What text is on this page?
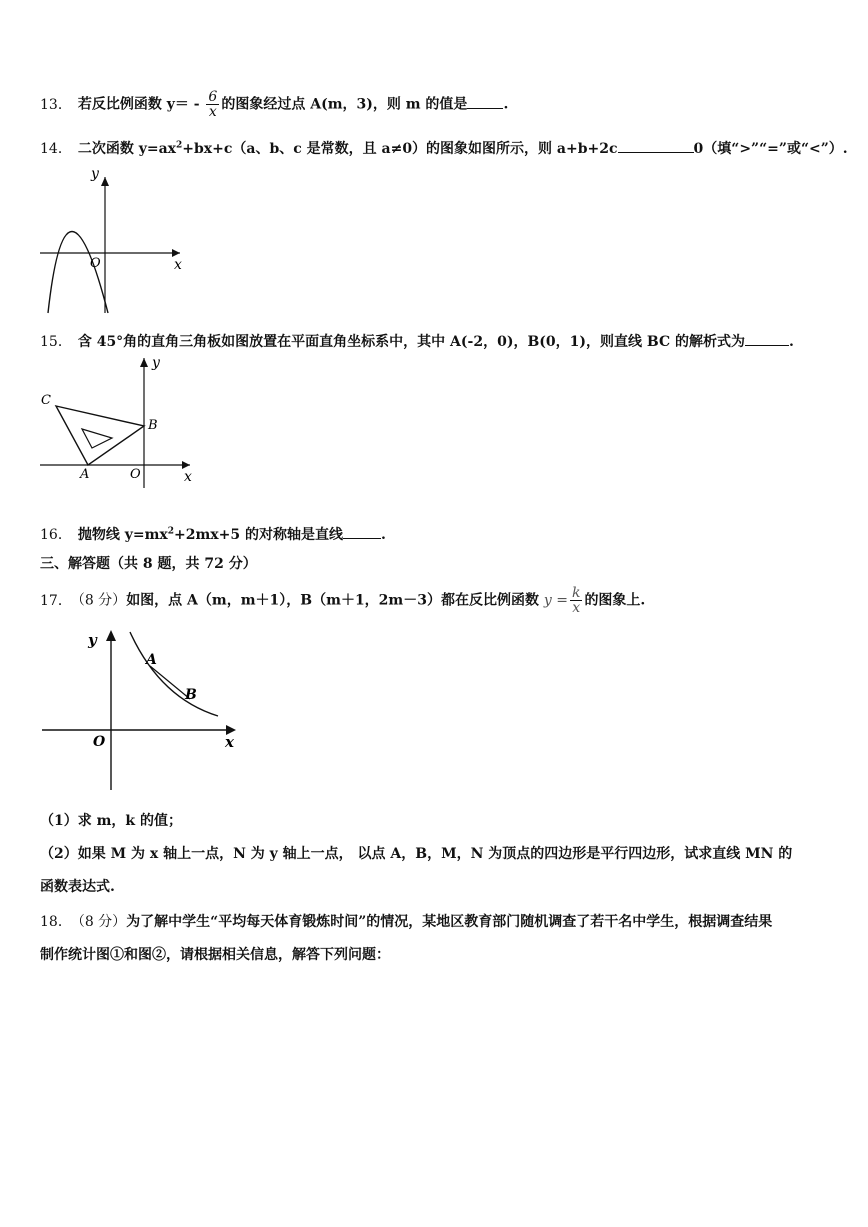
13． 若反比例函数 $y= - \frac{6}{x}$ 的图象经过点 A(m，3)，则 m 的值是	.
14． 二次函数 $y=ax^2+bx+c(a$、b、c 是常数，且 a≠0）的图象如图所示，则 a+b+2c	0（填“>”“=”或“<”）.
y
x
O
15． 含 45°角的直角三角板如图放置在平面直角坐标系中，其中 A(-2，0)，B(0，1)，则直线 BC 的解析式为	.
y
x
O
A
B
C
16． 抛物线 $y=mx^2+2mx+5$ 的对称轴是直线	.
三、解答题（共 8 题，共 72 分）
17． （8 分）如图，点 A（m，m＋1），B（m＋1，2m－3）都在反比例函数 $y = \frac{k}{x}$ 的图象上.
y
x
O
A
B
（1）求 m，k 的值；
（2）如果 M 为 x 轴上一点，N 为 y 轴上一点， 以点 A，B，M，N 为顶点的四边形是平行四边形，试求直线 MN 的
函数表达式.
18． （8 分）为了解中学生“平均每天体育锻炼时间”的情况，某地区教育部门随机调查了若干名中学生，根据调查结果
制作统计图①和图②，请根据相关信息，解答下列问题：
